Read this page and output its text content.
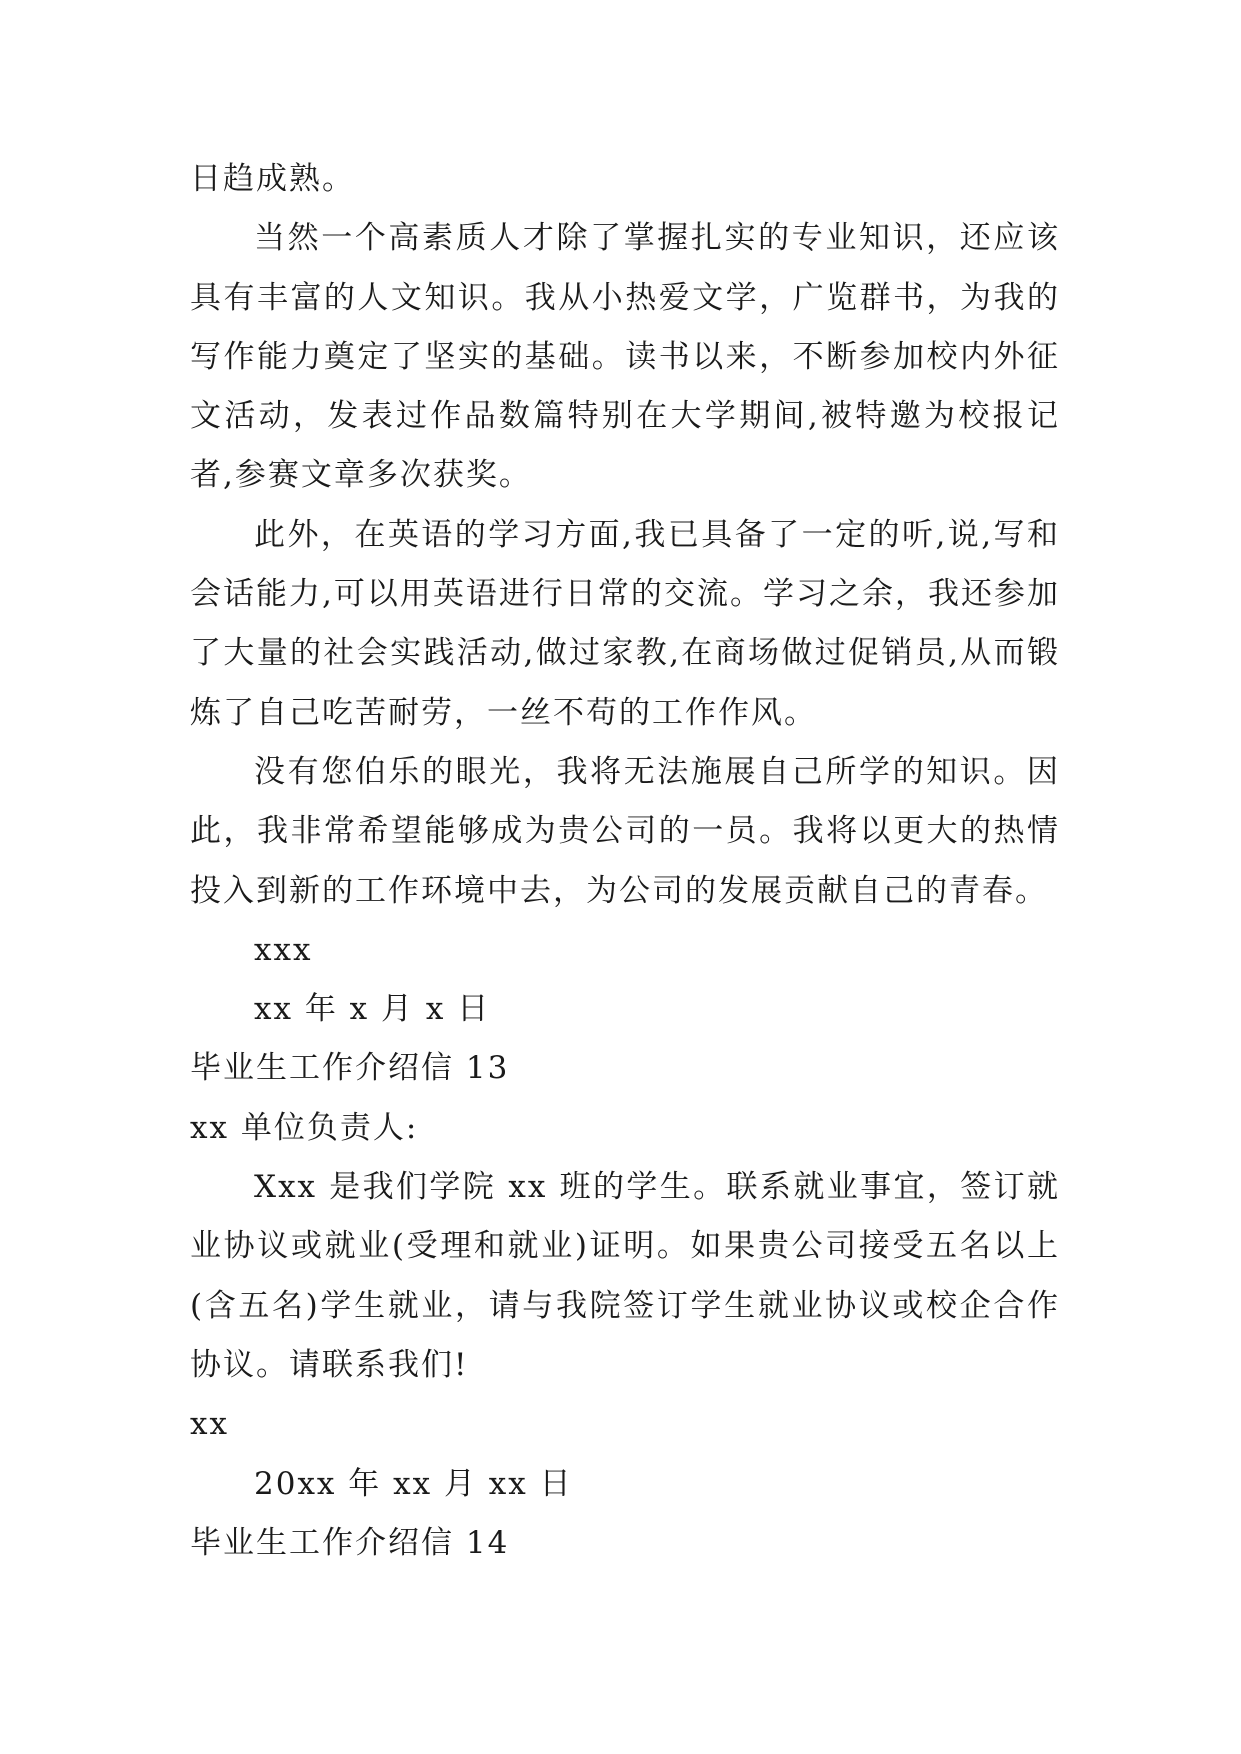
日趋成熟。

当然一个高素质人才除了掌握扎实的专业知识，还应该具有丰富的人文知识。我从小热爱文学，广览群书，为我的写作能力奠定了坚实的基础。读书以来，不断参加校内外征文活动，发表过作品数篇特别在大学期间,被特邀为校报记者,参赛文章多次获奖。

此外，在英语的学习方面,我已具备了一定的听,说,写和会话能力,可以用英语进行日常的交流。学习之余，我还参加了大量的社会实践活动,做过家教,在商场做过促销员,从而锻炼了自己吃苦耐劳，一丝不苟的工作作风。

没有您伯乐的眼光，我将无法施展自己所学的知识。因此，我非常希望能够成为贵公司的一员。我将以更大的热情投入到新的工作环境中去，为公司的发展贡献自己的青春。

xxx

xx 年 x 月 x 日

毕业生工作介绍信 13

xx 单位负责人:

Xxx 是我们学院 xx 班的学生。联系就业事宜，签订就业协议或就业(受理和就业)证明。如果贵公司接受五名以上(含五名)学生就业，请与我院签订学生就业协议或校企合作协议。请联系我们!

xx

20xx 年 xx 月 xx 日

毕业生工作介绍信 14
